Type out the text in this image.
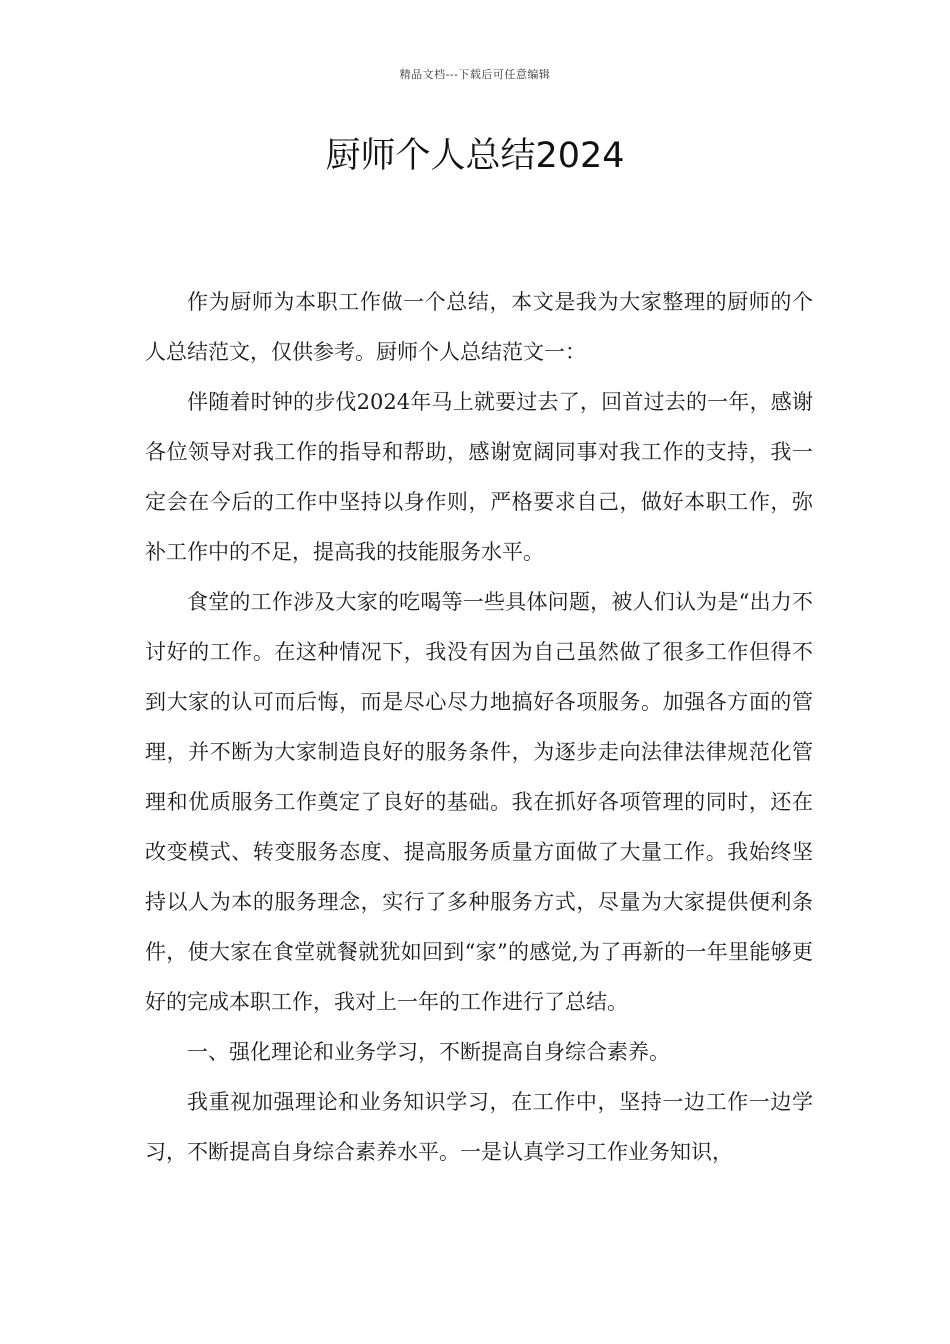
精品文档---下载后可任意编辑
厨师个人总结2024

作为厨师为本职工作做一个总结，本文是我为大家整理的厨师的个人总结范文，仅供参考。厨师个人总结范文一：

伴随着时钟的步伐2024年马上就要过去了，回首过去的一年，感谢各位领导对我工作的指导和帮助，感谢宽阔同事对我工作的支持，我一定会在今后的工作中坚持以身作则，严格要求自己，做好本职工作，弥补工作中的不足，提高我的技能服务水平。

食堂的工作涉及大家的吃喝等一些具体问题，被人们认为是“出力不讨好的工作。在这种情况下，我没有因为自己虽然做了很多工作但得不到大家的认可而后悔，而是尽心尽力地搞好各项服务。加强各方面的管理，并不断为大家制造良好的服务条件，为逐步走向法律法律规范化管理和优质服务工作奠定了良好的基础。我在抓好各项管理的同时，还在改变模式、转变服务态度、提高服务质量方面做了大量工作。我始终坚持以人为本的服务理念，实行了多种服务方式，尽量为大家提供便利条件，使大家在食堂就餐就犹如回到“家”的感觉,为了再新的一年里能够更好的完成本职工作，我对上一年的工作进行了总结。

一、强化理论和业务学习，不断提高自身综合素养。

我重视加强理论和业务知识学习，在工作中，坚持一边工作一边学习，不断提高自身综合素养水平。一是认真学习工作业务知识，
